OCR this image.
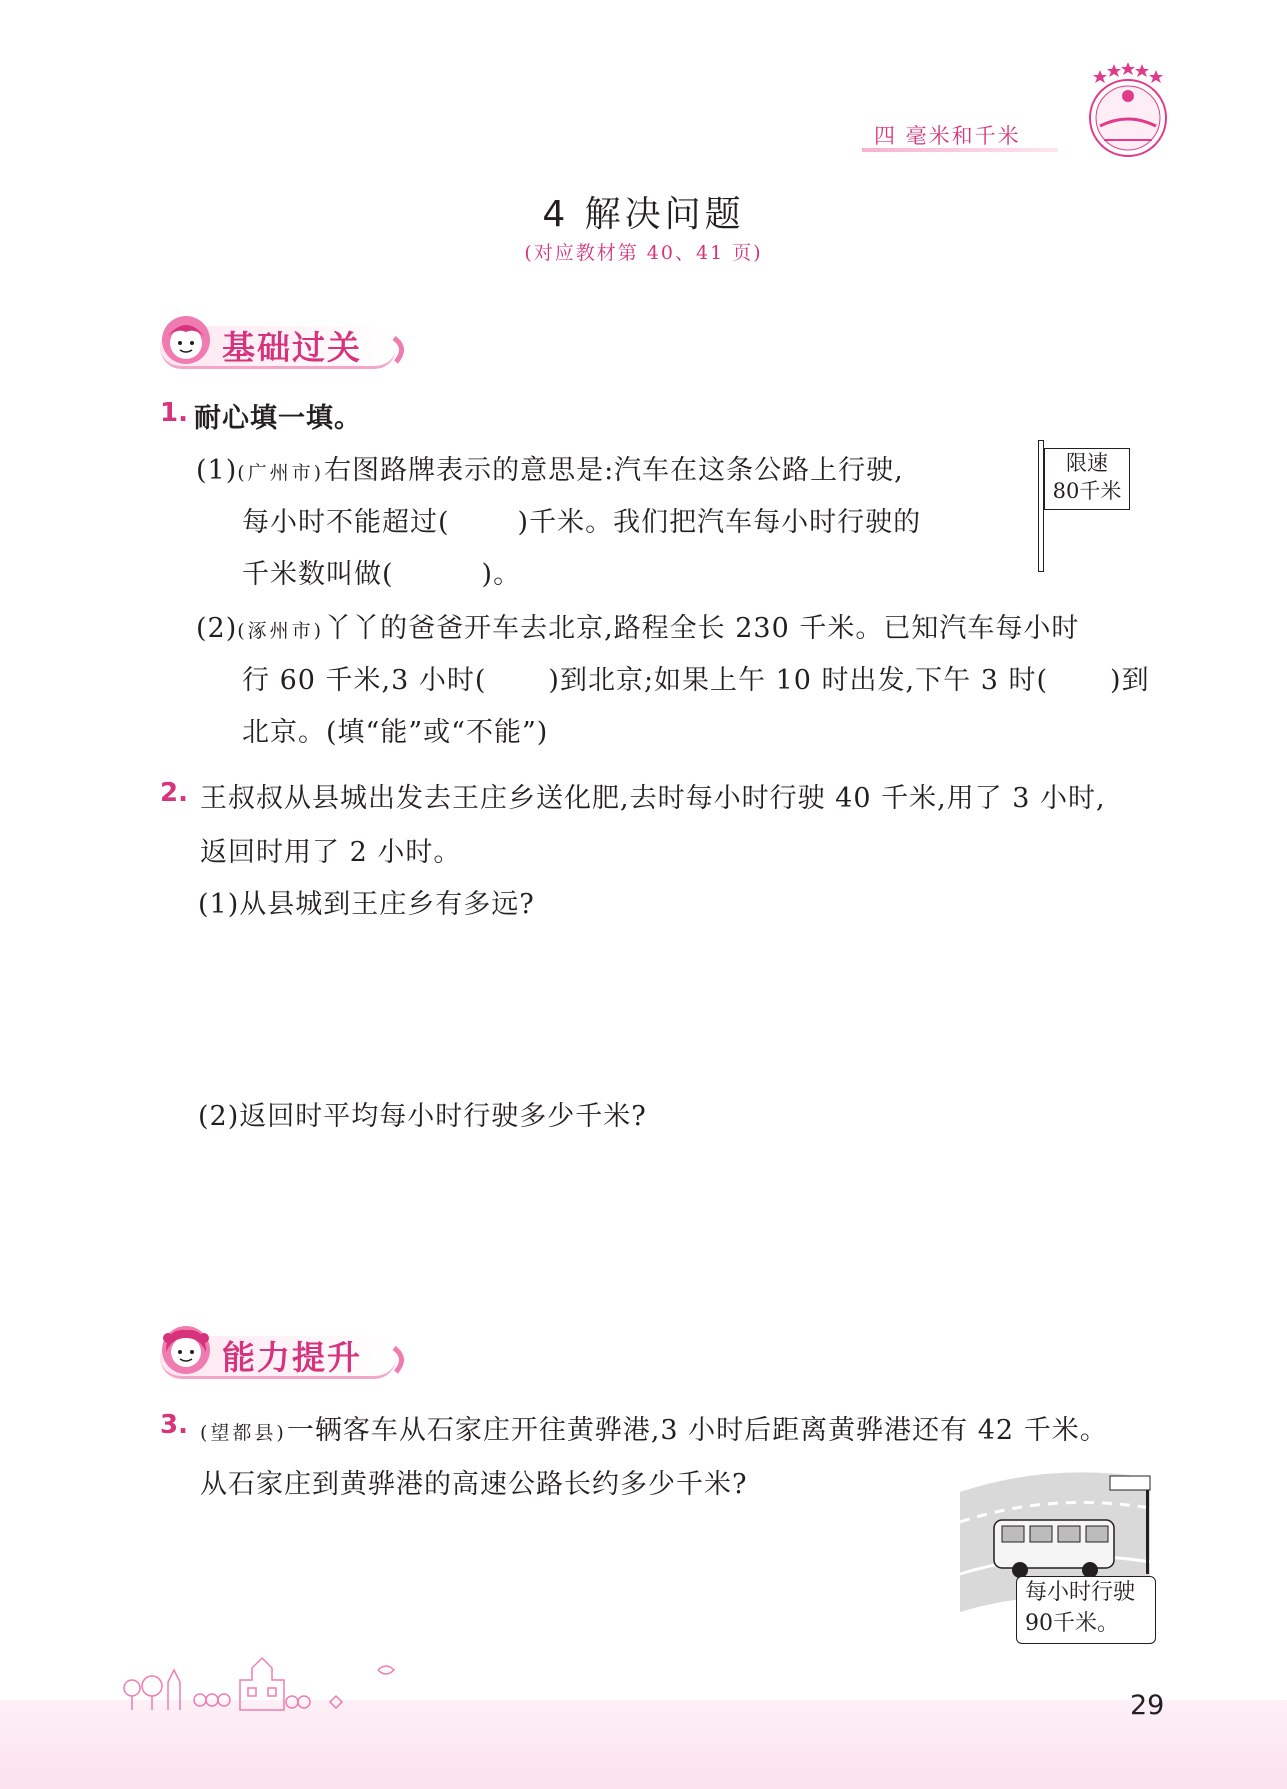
四 毫米和千米
4 解决问题
(对应教材第 40、41 页)
基础过关
1. 耐心填一填。
(1)(广州市)右图路牌表示的意思是:汽车在这条公路上行驶,
每小时不能超过(	)千米。我们把汽车每小时行驶的
千米数叫做(	)。
限速
80千米
(2)(涿州市)丫丫的爸爸开车去北京,路程全长 230 千米。已知汽车每小时
行 60 千米,3 小时( )到北京;如果上午 10 时出发,下午 3 时( )到
北京。(填“能”或“不能”)
2. 王叔叔从县城出发去王庄乡送化肥,去时每小时行驶 40 千米,用了 3 小时,
返回时用了 2 小时。
(1)从县城到王庄乡有多远?
(2)返回时平均每小时行驶多少千米?
能力提升
3. (望都县)一辆客车从石家庄开往黄骅港,3 小时后距离黄骅港还有 42 千米。
从石家庄到黄骅港的高速公路长约多少千米?
每小时行驶
90千米。
29
